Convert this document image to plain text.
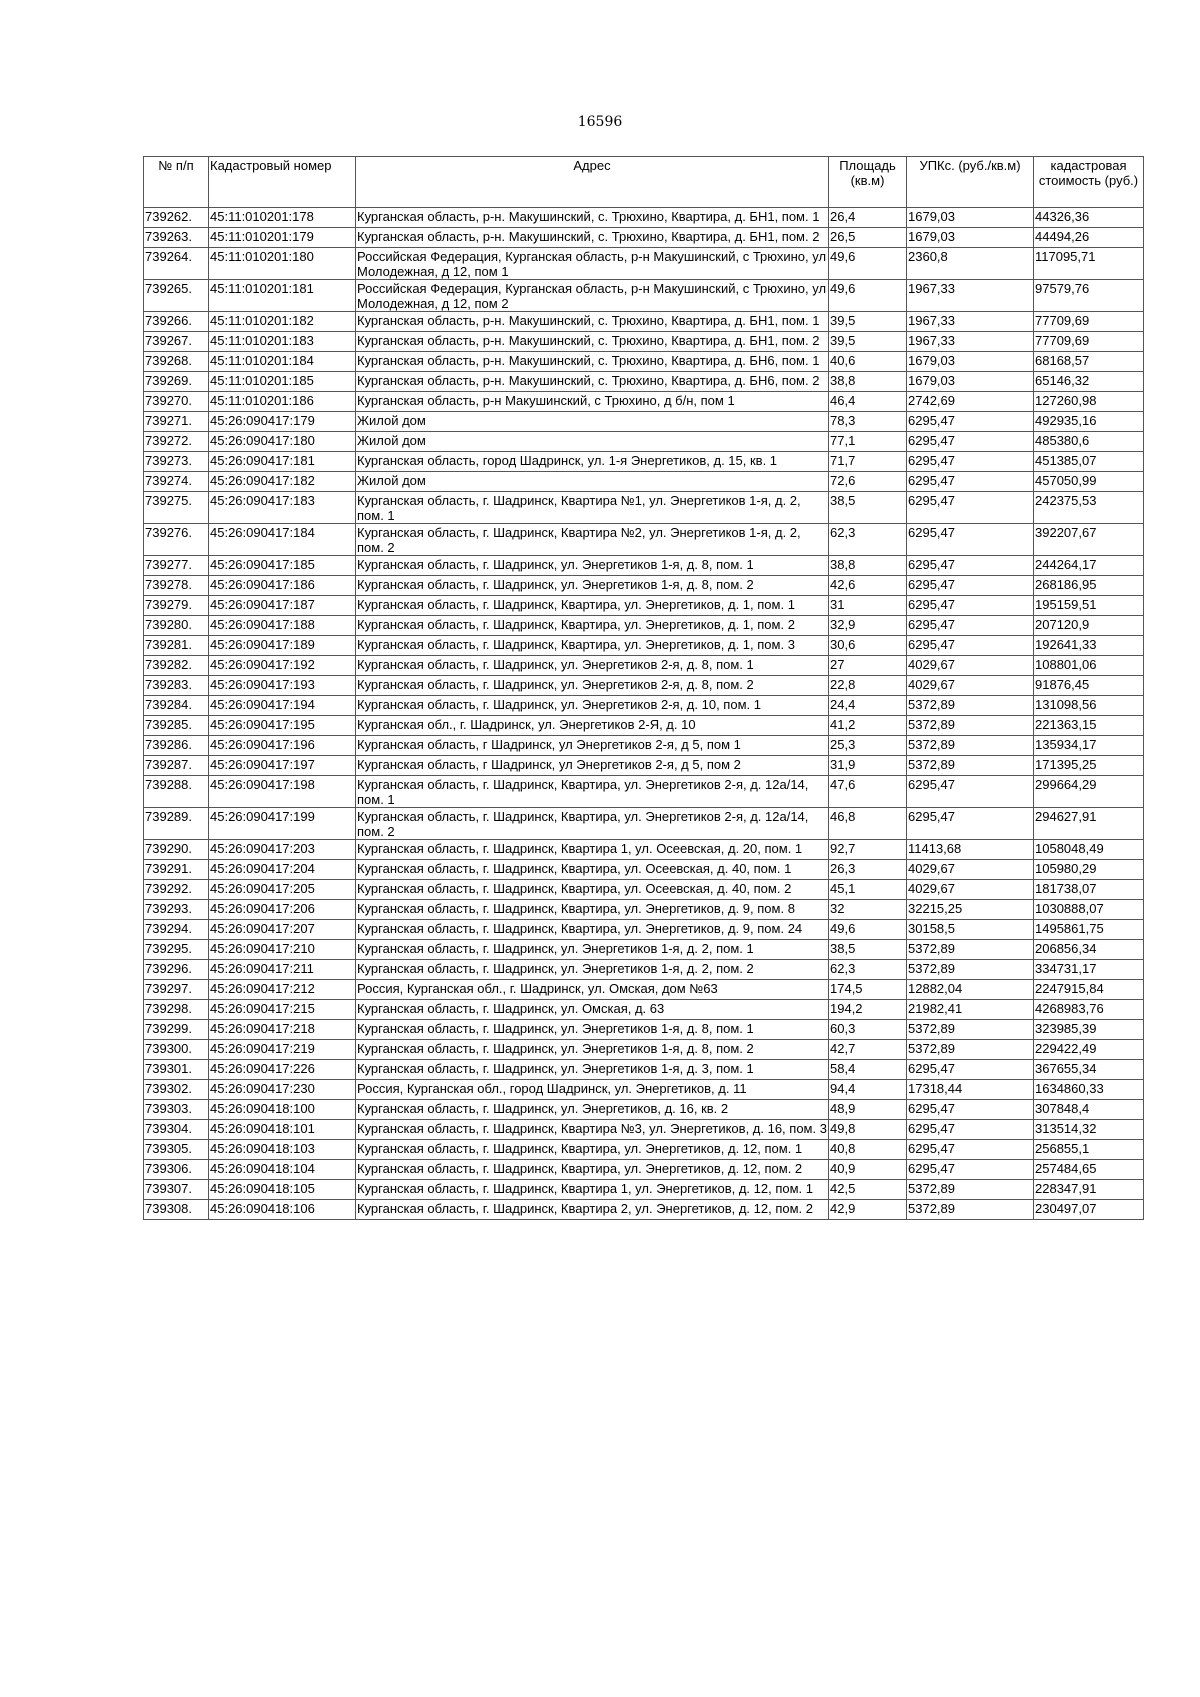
16596
№ п/п	Кадастровый номер	Адрес	Площадь (кв.м)	УПКс. (руб./кв.м)	кадастровая стоимость (руб.)
739262.	45:11:010201:178	Курганская область, р-н. Макушинский, с. Трюхино, Квартира, д. БН1, пом. 1	26,4	1679,03	44326,36
739263.	45:11:010201:179	Курганская область, р-н. Макушинский, с. Трюхино, Квартира, д. БН1, пом. 2	26,5	1679,03	44494,26
739264.	45:11:010201:180	Российская Федерация, Курганская область, р-н Макушинский, с Трюхино, ул Молодежная, д 12, пом 1	49,6	2360,8	117095,71
739265.	45:11:010201:181	Российская Федерация, Курганская область, р-н Макушинский, с Трюхино, ул Молодежная, д 12, пом 2	49,6	1967,33	97579,76
739266.	45:11:010201:182	Курганская область, р-н. Макушинский, с. Трюхино, Квартира, д. БН1, пом. 1	39,5	1967,33	77709,69
739267.	45:11:010201:183	Курганская область, р-н. Макушинский, с. Трюхино, Квартира, д. БН1, пом. 2	39,5	1967,33	77709,69
739268.	45:11:010201:184	Курганская область, р-н. Макушинский, с. Трюхино, Квартира, д. БН6, пом. 1	40,6	1679,03	68168,57
739269.	45:11:010201:185	Курганская область, р-н. Макушинский, с. Трюхино, Квартира, д. БН6, пом. 2	38,8	1679,03	65146,32
739270.	45:11:010201:186	Курганская область, р-н Макушинский, с Трюхино, д б/н, пом 1	46,4	2742,69	127260,98
739271.	45:26:090417:179	Жилой дом	78,3	6295,47	492935,16
739272.	45:26:090417:180	Жилой дом	77,1	6295,47	485380,6
739273.	45:26:090417:181	Курганская область, город Шадринск, ул. 1-я Энергетиков, д. 15, кв. 1	71,7	6295,47	451385,07
739274.	45:26:090417:182	Жилой дом	72,6	6295,47	457050,99
739275.	45:26:090417:183	Курганская область, г. Шадринск, Квартира №1, ул. Энергетиков 1-я, д. 2, пом. 1	38,5	6295,47	242375,53
739276.	45:26:090417:184	Курганская область, г. Шадринск, Квартира №2, ул. Энергетиков 1-я, д. 2, пом. 2	62,3	6295,47	392207,67
739277.	45:26:090417:185	Курганская область, г. Шадринск, ул. Энергетиков 1-я, д. 8, пом. 1	38,8	6295,47	244264,17
739278.	45:26:090417:186	Курганская область, г. Шадринск, ул. Энергетиков 1-я, д. 8, пом. 2	42,6	6295,47	268186,95
739279.	45:26:090417:187	Курганская область, г. Шадринск, Квартира, ул. Энергетиков, д. 1, пом. 1	31	6295,47	195159,51
739280.	45:26:090417:188	Курганская область, г. Шадринск, Квартира, ул. Энергетиков, д. 1, пом. 2	32,9	6295,47	207120,9
739281.	45:26:090417:189	Курганская область, г. Шадринск, Квартира, ул. Энергетиков, д. 1, пом. 3	30,6	6295,47	192641,33
739282.	45:26:090417:192	Курганская область, г. Шадринск, ул. Энергетиков 2-я, д. 8, пом. 1	27	4029,67	108801,06
739283.	45:26:090417:193	Курганская область, г. Шадринск, ул. Энергетиков 2-я, д. 8, пом. 2	22,8	4029,67	91876,45
739284.	45:26:090417:194	Курганская область, г. Шадринск, ул. Энергетиков 2-я, д. 10, пом. 1	24,4	5372,89	131098,56
739285.	45:26:090417:195	Курганская обл., г. Шадринск, ул. Энергетиков 2-Я, д. 10	41,2	5372,89	221363,15
739286.	45:26:090417:196	Курганская область, г Шадринск, ул Энергетиков 2-я, д 5, пом 1	25,3	5372,89	135934,17
739287.	45:26:090417:197	Курганская область, г Шадринск, ул Энергетиков 2-я, д 5, пом 2	31,9	5372,89	171395,25
739288.	45:26:090417:198	Курганская область, г. Шадринск, Квартира, ул. Энергетиков 2-я, д. 12а/14, пом. 1	47,6	6295,47	299664,29
739289.	45:26:090417:199	Курганская область, г. Шадринск, Квартира, ул. Энергетиков 2-я, д. 12а/14, пом. 2	46,8	6295,47	294627,91
739290.	45:26:090417:203	Курганская область, г. Шадринск, Квартира 1, ул. Осеевская, д. 20, пом. 1	92,7	11413,68	1058048,49
739291.	45:26:090417:204	Курганская область, г. Шадринск, Квартира, ул. Осеевская, д. 40, пом. 1	26,3	4029,67	105980,29
739292.	45:26:090417:205	Курганская область, г. Шадринск, Квартира, ул. Осеевская, д. 40, пом. 2	45,1	4029,67	181738,07
739293.	45:26:090417:206	Курганская область, г. Шадринск, Квартира, ул. Энергетиков, д. 9, пом. 8	32	32215,25	1030888,07
739294.	45:26:090417:207	Курганская область, г. Шадринск, Квартира, ул. Энергетиков, д. 9, пом. 24	49,6	30158,5	1495861,75
739295.	45:26:090417:210	Курганская область, г. Шадринск, ул. Энергетиков 1-я, д. 2, пом. 1	38,5	5372,89	206856,34
739296.	45:26:090417:211	Курганская область, г. Шадринск, ул. Энергетиков 1-я, д. 2, пом. 2	62,3	5372,89	334731,17
739297.	45:26:090417:212	Россия, Курганская обл., г. Шадринск, ул. Омская, дом №63	174,5	12882,04	2247915,84
739298.	45:26:090417:215	Курганская область, г. Шадринск, ул. Омская, д. 63	194,2	21982,41	4268983,76
739299.	45:26:090417:218	Курганская область, г. Шадринск, ул. Энергетиков 1-я, д. 8, пом. 1	60,3	5372,89	323985,39
739300.	45:26:090417:219	Курганская область, г. Шадринск, ул. Энергетиков 1-я, д. 8, пом. 2	42,7	5372,89	229422,49
739301.	45:26:090417:226	Курганская область, г. Шадринск, ул. Энергетиков 1-я, д. 3, пом. 1	58,4	6295,47	367655,34
739302.	45:26:090417:230	Россия, Курганская обл., город Шадринск, ул. Энергетиков, д. 11	94,4	17318,44	1634860,33
739303.	45:26:090418:100	Курганская область, г. Шадринск, ул. Энергетиков, д. 16, кв. 2	48,9	6295,47	307848,4
739304.	45:26:090418:101	Курганская область, г. Шадринск, Квартира №3, ул. Энергетиков, д. 16, пом. 3	49,8	6295,47	313514,32
739305.	45:26:090418:103	Курганская область, г. Шадринск, Квартира, ул. Энергетиков, д. 12, пом. 1	40,8	6295,47	256855,1
739306.	45:26:090418:104	Курганская область, г. Шадринск, Квартира, ул. Энергетиков, д. 12, пом. 2	40,9	6295,47	257484,65
739307.	45:26:090418:105	Курганская область, г. Шадринск, Квартира 1, ул. Энергетиков, д. 12, пом. 1	42,5	5372,89	228347,91
739308.	45:26:090418:106	Курганская область, г. Шадринск, Квартира 2, ул. Энергетиков, д. 12, пом. 2	42,9	5372,89	230497,07
